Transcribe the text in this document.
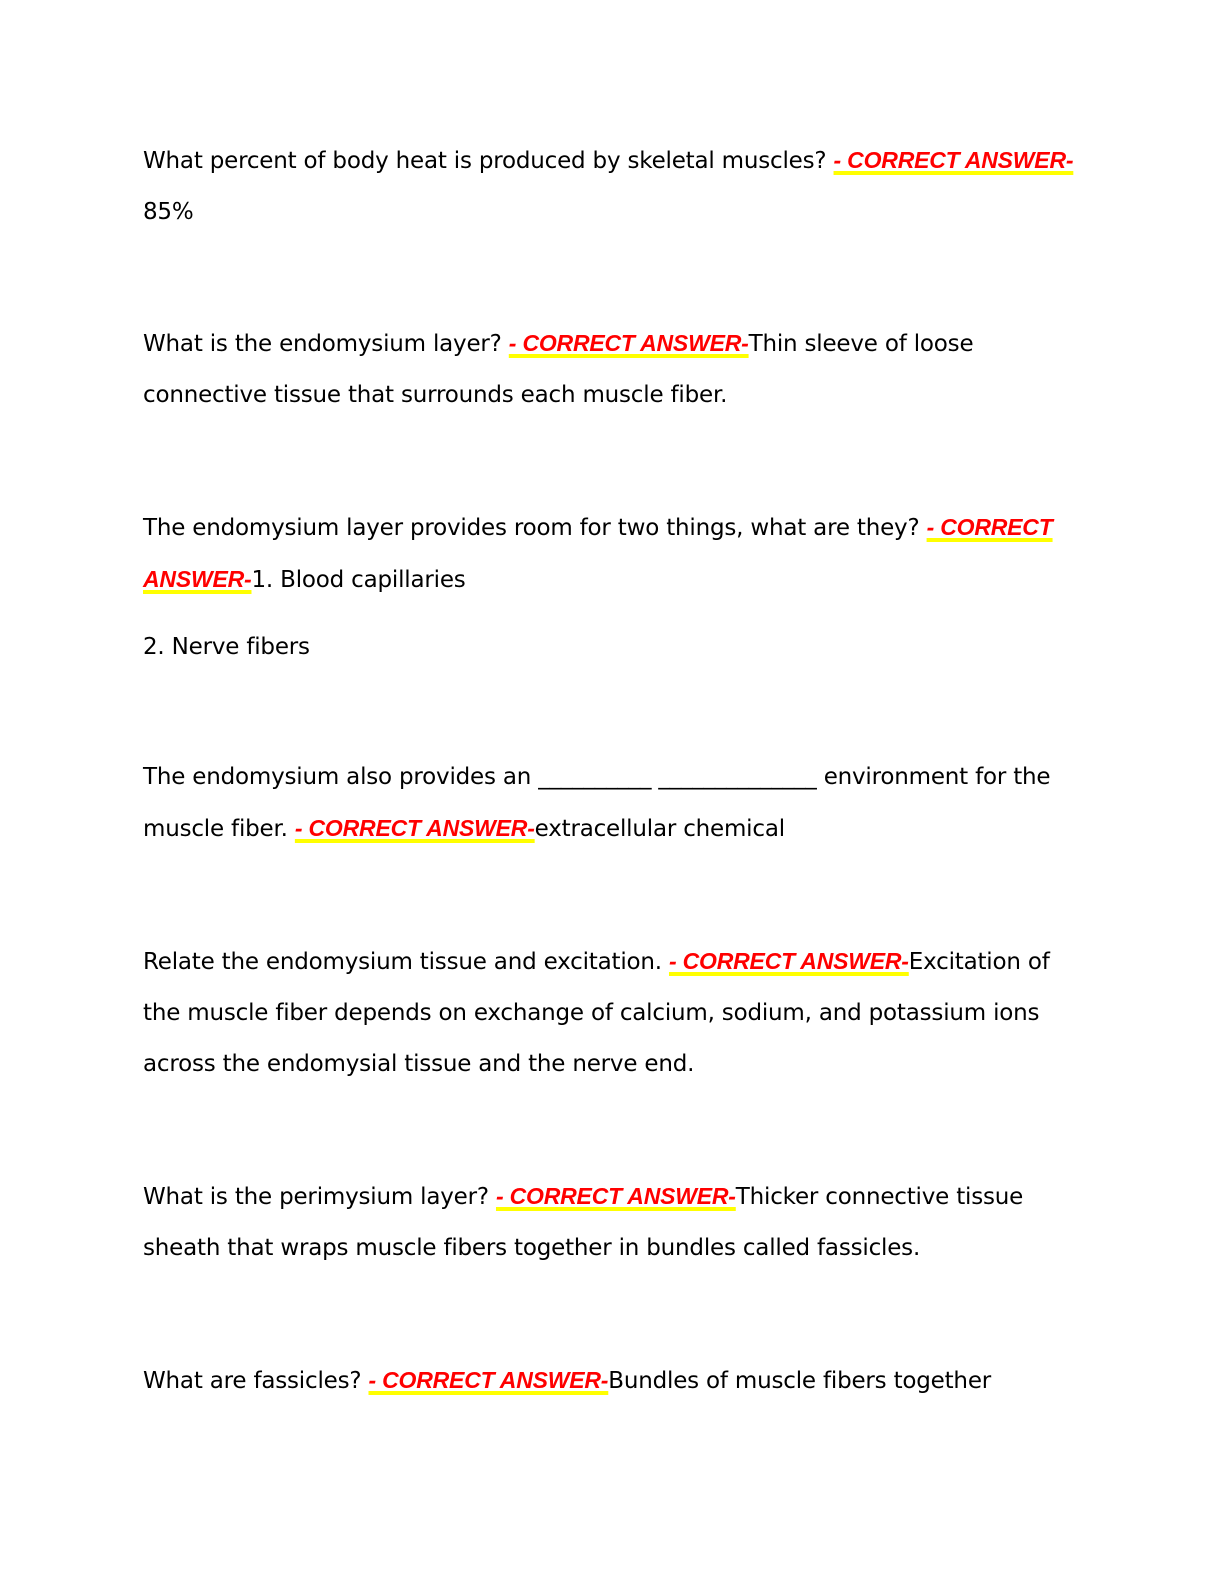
What percent of body heat is produced by skeletal muscles? - CORRECT ANSWER-85%

What is the endomysium layer? - CORRECT ANSWER-Thin sleeve of loose connective tissue that surrounds each muscle fiber.

The endomysium layer provides room for two things, what are they? - CORRECT ANSWER-1. Blood capillaries

2. Nerve fibers

The endomysium also provides an __________ ______________ environment for the muscle fiber. - CORRECT ANSWER-extracellular chemical

Relate the endomysium tissue and excitation. - CORRECT ANSWER-Excitation of the muscle fiber depends on exchange of calcium, sodium, and potassium ions across the endomysial tissue and the nerve end.

What is the perimysium layer? - CORRECT ANSWER-Thicker connective tissue sheath that wraps muscle fibers together in bundles called fassicles.

What are fassicles? - CORRECT ANSWER-Bundles of muscle fibers together
